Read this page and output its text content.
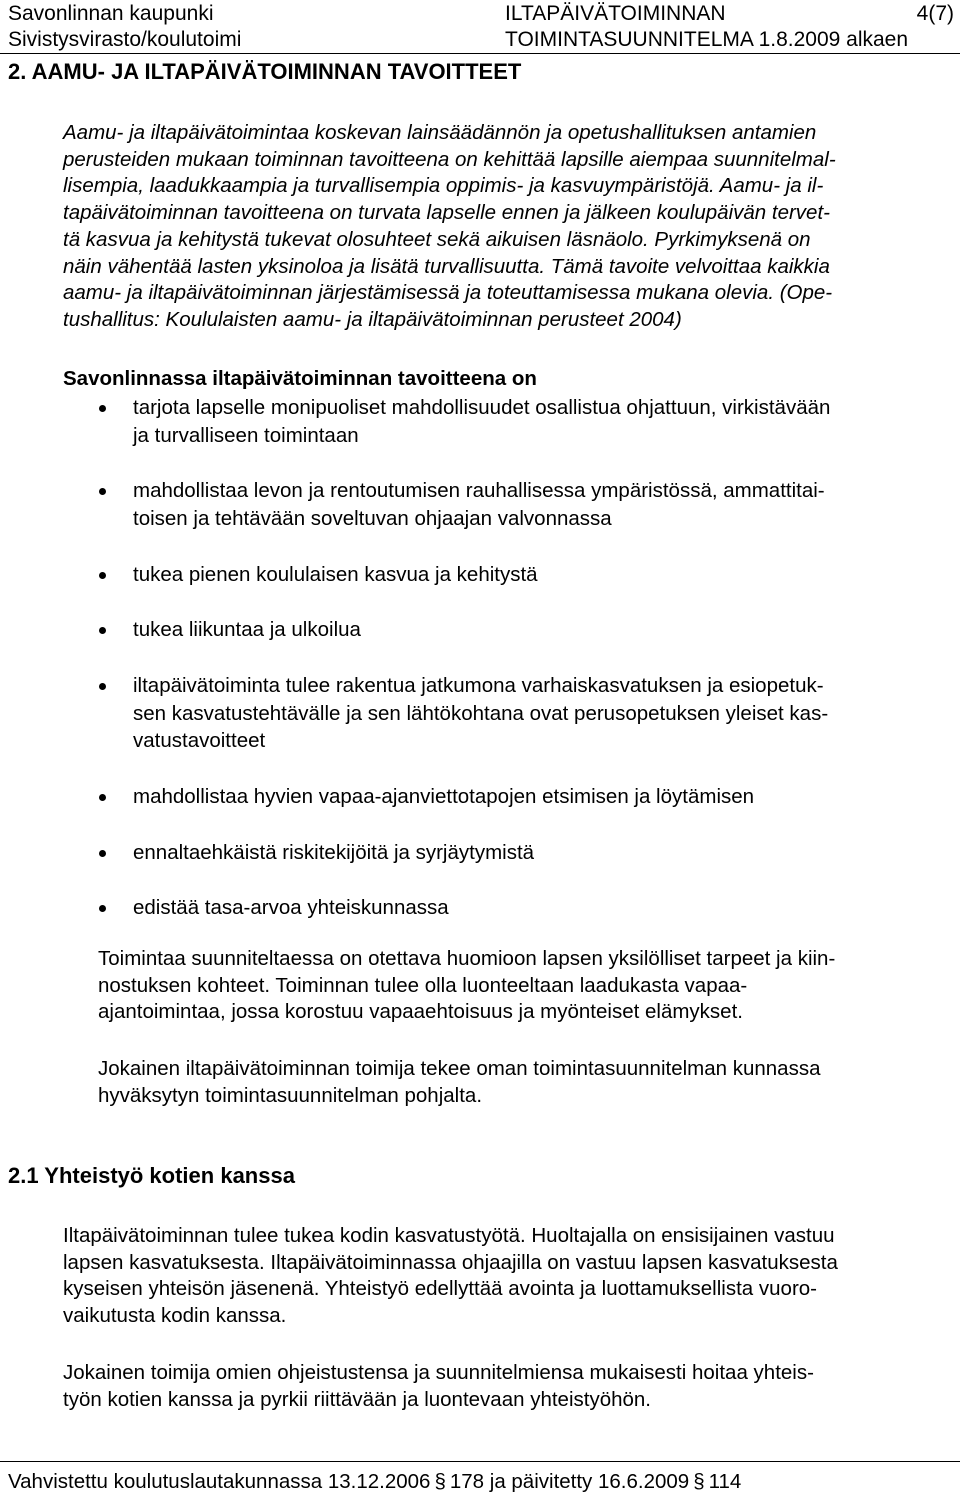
Savonlinnan kaupunki	ILTAPÄIVÄTOIMINNAN	4(7)
Sivistysvirasto/koulutoimi	TOIMINTASUUNNITELMA 1.8.2009 alkaen
2. AAMU- JA ILTAPÄIVÄTOIMINNAN TAVOITTEET

Aamu- ja iltapäivätoimintaa koskevan lainsäädännön ja opetushallituksen antamien
perusteiden mukaan toiminnan tavoitteena on kehittää lapsille aiempaa suunnitelmal-
lisempia, laadukkaampia ja turvallisempia oppimis- ja kasvuympäristöjä. Aamu- ja il-
tapäivätoiminnan tavoitteena on turvata lapselle ennen ja jälkeen koulupäivän tervet-
tä kasvua ja kehitystä tukevat olosuhteet sekä aikuisen läsnäolo. Pyrkimyksenä on
näin vähentää lasten yksinoloa ja lisätä turvallisuutta. Tämä tavoite velvoittaa kaikkia
aamu- ja iltapäivätoiminnan järjestämisessä ja toteuttamisessa mukana olevia. (Ope-
tushallitus: Koululaisten aamu- ja iltapäivätoiminnan perusteet 2004)

Savonlinnassa iltapäivätoiminnan tavoitteena on
tarjota lapselle monipuoliset mahdollisuudet osallistua ohjattuun, virkistävään
ja turvalliseen toimintaan
mahdollistaa levon ja rentoutumisen rauhallisessa ympäristössä, ammattitai-
toisen ja tehtävään soveltuvan ohjaajan valvonnassa
tukea pienen koululaisen kasvua ja kehitystä
tukea liikuntaa ja ulkoilua
iltapäivätoiminta tulee rakentua jatkumona varhaiskasvatuksen ja esiopetuk-
sen kasvatustehtävälle ja sen lähtökohtana ovat perusopetuksen yleiset kas-
vatustavoitteet
mahdollistaa hyvien vapaa-ajanviettotapojen etsimisen ja löytämisen
ennaltaehkäistä riskitekijöitä ja syrjäytymistä
edistää tasa-arvoa yhteiskunnassa
Toimintaa suunniteltaessa on otettava huomioon lapsen yksilölliset tarpeet ja kiin-
nostuksen kohteet. Toiminnan tulee olla luonteeltaan laadukasta vapaa-
ajantoimintaa, jossa korostuu vapaaehtoisuus ja myönteiset elämykset.
Jokainen iltapäivätoiminnan toimija tekee oman toimintasuunnitelman kunnassa
hyväksytyn toimintasuunnitelman pohjalta.
2.1 Yhteistyö kotien kanssa
Iltapäivätoiminnan tulee tukea kodin kasvatustyötä. Huoltajalla on ensisijainen vastuu
lapsen kasvatuksesta. Iltapäivätoiminnassa ohjaajilla on vastuu lapsen kasvatuksesta
kyseisen yhteisön jäsenenä. Yhteistyö edellyttää avointa ja luottamuksellista vuoro-
vaikutusta kodin kanssa.
Jokainen toimija omien ohjeistustensa ja suunnitelmiensa mukaisesti hoitaa yhteis-
työn kotien kanssa ja pyrkii riittävään ja luontevaan yhteistyöhön.
Vahvistettu koulutuslautakunnassa 13.12.2006 § 178 ja päivitetty 16.6.2009 § 114
